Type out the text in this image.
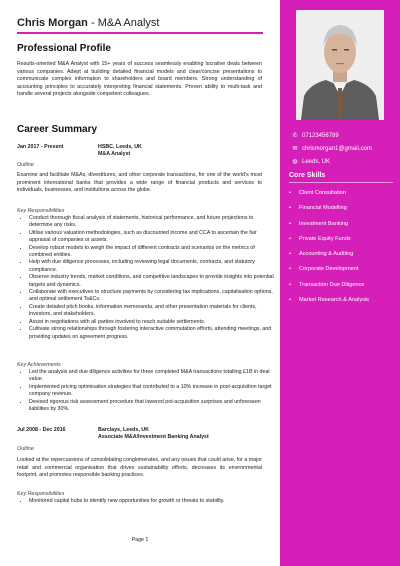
Chris Morgan - M&A Analyst
Professional Profile
Results-oriented M&A Analyst with 15+ years of success seamlessly enabling lucrative deals between various companies. Adept at building detailed financial models and clear/concise presentations to communicate complex information to shareholders and board members. Strong understanding of accounting principles to accurately interpreting financial statements. Proven ability to multi-task and handle several projects alongside competent colleagues.
Career Summary
Jan 2017 - Present	HSBC, Leeds, UK
M&A Analyst
Outline
Examine and facilitate M&As, divestitures, and other corporate transactions, for one of the world's most prominent international banks that provides a wide range of financial products and services to individuals, businesses, and institutions across the globe.
Key Responsibilities
• Conduct thorough fiscal analysis of statements, historical performance, and future projections to determine any risks.
• Utilise various valuation methodologies, such as discounted income and CCA to ascertain the fair appraisal of companies or assets.
• Develop robust models to weigh the impact of different contracts and scenarios on the metrics of combined entities.
• Help with due diligence processes, including reviewing legal documents, contracts, and statutory compliance.
• Observe industry trends, market conditions, and competitive landscapes to provide insights into potential targets and dynamics.
• Collaborate with executives to structure payments by considering tax implications, capitalisation options, and optimal settlement Ts&Cs.
• Create detailed pitch books, information memoranda, and other presentation materials for clients, investors, and stakeholders.
• Assist in negotiations with all parties involved to reach suitable settlements.
• Cultivate strong relationships through fostering interactive commutation efforts, attending meetings, and providing updates on agreement progress.
Key Achievements
• Led the analysis and due diligence activities for three completed M&A transactions totalling £1B in deal value.
• Implemented pricing optimisation strategies that contributed to a 10% increase in post-acquisition target company revenue.
• Devised rigorous risk assessment procedure that lowered pot-acquisition surprises and unforeseen liabilities by 30%.
Jul 2008 - Dec 2016	Barclays, Leeds, UK
Associate M&A/Investment Banking Analyst
Outline
Looked at the repercussions of consolidating conglomerates, and any issues that could arise, for a major retail and commercial organisation that drives sustainability efforts, decreases its environmental footprint, and promotes responsible banking practices.
Key Responsibilities
• Monitored capital hubs to identify new opportunities for growth or threats to stability.
Page 1
✆ 07123456789
✉ chrismorgan1@gmail.com
◍ Leeds, UK
Core Skills
• Client Consultation
• Financial Modelling
• Investment Banking
• Private Equity Funds
• Accounting & Auditing
• Corporate Development
• Transaction Due Diligence
• Market Research & Analysis
